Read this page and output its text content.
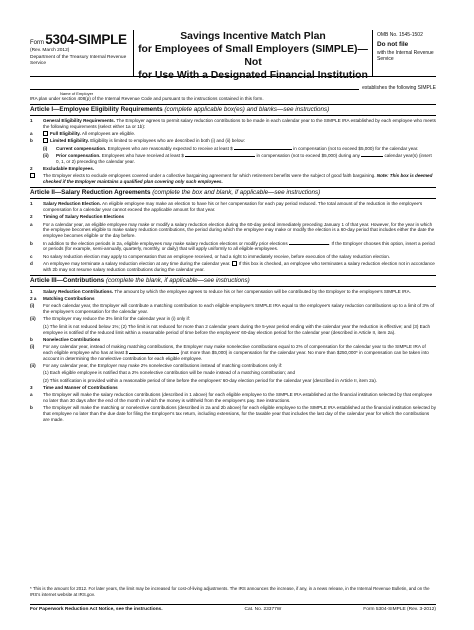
Form 5304-SIMPLE
(Rev. March 2012)
Department of the Treasury Internal Revenue Service
Savings Incentive Match Plan
for Employees of Small Employers (SIMPLE)—Not
for Use With a Designated Financial Institution
OMB No. 1545-1502
Do not file
with the Internal Revenue Service
establishes the following SIMPLE
Name of Employer
IRA plan under section 408(p) of the Internal Revenue Code and pursuant to the instructions contained in this form.
Article I—Employee Eligibility Requirements (complete applicable box(es) and blanks—see instructions)
1	General Eligibility Requirements. The Employer agrees to permit salary reduction contributions to be made in each calendar year to the SIMPLE IRA established by each employee who meets the following requirements (select either 1a or 1b):
a	Full Eligibility. All employees are eligible.
b	Limited Eligibility. Eligibility is limited to employees who are described in both (i) and (ii) below:
(i)	Current compensation. Employees who are reasonably expected to receive at least $	in compensation (not to exceed $5,000) for the calendar year.
(ii)	Prior compensation. Employees who have received at least $	in compensation (not to exceed $5,000) during any	calendar year(s) (insert 0, 1, or 2) preceding the calendar year.
2	Excludable Employees.
The Employer elects to exclude employees covered under a collective bargaining agreement for which retirement benefits were the subject of good faith bargaining. Note: This box is deemed checked if the Employer maintains a qualified plan covering only such employees.
Article II—Salary Reduction Agreements (complete the box and blank, if applicable—see instructions)
1	Salary Reduction Election. An eligible employee may make an election to have his or her compensation for each pay period reduced. The total amount of the reduction in the employee's compensation for a calendar year cannot exceed the applicable amount for that year.
2	Timing of Salary Reduction Elections
a	For a calendar year, an eligible employee may make or modify a salary reduction election during the 60-day period immediately preceding January 1 of that year. However, for the year in which the employee becomes eligible to make salary reduction contributions, the period during which the employee may make or modify the election is a 60-day period that includes either the date the employee becomes eligible or the day before.
b	In addition to the election periods in 2a, eligible employees may make salary reduction elections or modify prior elections	. If the Employer chooses this option, insert a period or periods (for example, semi-annually, quarterly, monthly, or daily) that will apply uniformly to all eligible employees.
c	No salary reduction election may apply to compensation that an employee received, or had a right to immediately receive, before execution of the salary reduction election.
d	An employee may terminate a salary reduction election at any time during the calendar year. If this box is checked, an employee who terminates a salary reduction election not in accordance with 2b may not resume salary reduction contributions during the calendar year.
Article III—Contributions (complete the blank, if applicable—see instructions)
1	Salary Reduction Contributions. The amount by which the employee agrees to reduce his or her compensation will be contributed by the Employer to the employee's SIMPLE IRA.
2 a	Matching Contributions
(i)	For each calendar year, the Employer will contribute a matching contribution to each eligible employee's SIMPLE IRA equal to the employee's salary reduction contributions up to a limit of 3% of the employee's compensation for the calendar year.
(ii)	The Employer may reduce the 3% limit for the calendar year in (i) only if:
(1) The limit is not reduced below 1%; (2) The limit is not reduced for more than 2 calendar years during the 5-year period ending with the calendar year the reduction is effective; and (3) Each employee is notified of the reduced limit within a reasonable period of time before the employees' 60-day election period for the calendar year (described in Article II, item 2a).
b	Nonelective Contributions
(i)	For any calendar year, instead of making matching contributions, the Employer may make nonelective contributions equal to 2% of compensation for the calendar year to the SIMPLE IRA of each eligible employee who has at least $	(not more than $5,000) in compensation for the calendar year. No more than $250,000* in compensation can be taken into account in determining the nonelective contribution for each eligible employee.
(ii)	For any calendar year, the Employer may make 2% nonelective contributions instead of matching contributions only if:
(1) Each eligible employee is notified that a 2% nonelective contribution will be made instead of a matching contribution; and
(2) This notification is provided within a reasonable period of time before the employees' 60-day election period for the calendar year (described in Article II, item 2a).
3	Time and Manner of Contributions
a	The Employer will make the salary reduction contributions (described in 1 above) for each eligible employee to the SIMPLE IRA established at the financial institution selected by that employee no later than 30 days after the end of the month in which the money is withheld from the employee's pay. See instructions.
b	The Employer will make the matching or nonelective contributions (described in 2a and 2b above) for each eligible employee to the SIMPLE IRA established at the financial institution selected by that employee no later than the due date for filing the Employer's tax return, including extensions, for the taxable year that includes the last day of the calendar year for which the contributions are made.
* This is the amount for 2012. For later years, the limit may be increased for cost-of-living adjustments. The IRS announces the increase, if any, in a news release, in the Internal Revenue Bulletin, and on the IRS's internet website at IRS.gov.
For Paperwork Reduction Act Notice, see the instructions.	Cat. No. 23377W	Form 5304-SIMPLE (Rev. 3-2012)
